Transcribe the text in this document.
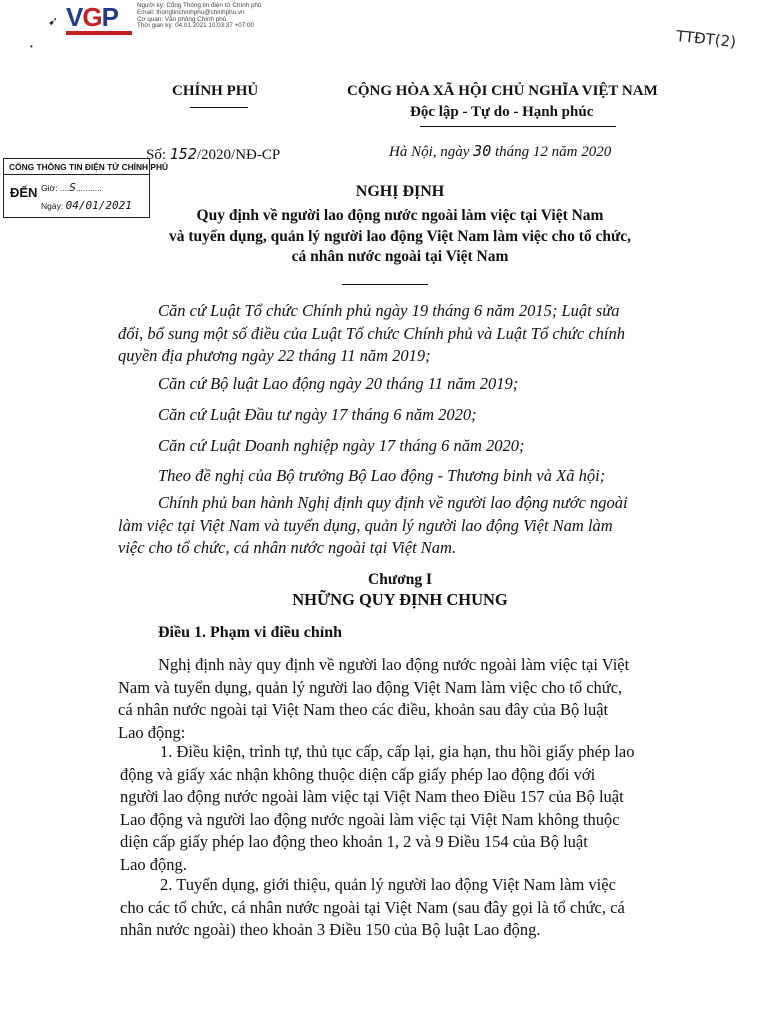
VGP	Người ký: Cổng Thông tin điện tử Chính phủ
Email: thongtinchinhphu@chinhphu.vn
Cơ quan: Văn phòng Chính phủ
Thời gian ký: 04.01.2021 10:03:37 +07:00
➹
•	TTĐT(2)
CHÍNH PHỦ	CỘNG HÒA XÃ HỘI CHỦ NGHĨA VIỆT NAM
Độc lập - Tự do - Hạnh phúc
Số: 152/2020/NĐ-CP	Hà Nội, ngày 30 tháng 12 năm 2020
CỔNG THÔNG TIN ĐIỆN TỬ CHÍNH PHỦ
ĐẾN Giờ: ....S...........
Ngày: 04/01/2021
NGHỊ ĐỊNH
Quy định về người lao động nước ngoài làm việc tại Việt Nam
và tuyển dụng, quản lý người lao động Việt Nam làm việc cho tổ chức,
cá nhân nước ngoài tại Việt Nam
Căn cứ Luật Tổ chức Chính phủ ngày 19 tháng 6 năm 2015; Luật sửa
đổi, bổ sung một số điều của Luật Tổ chức Chính phủ và Luật Tổ chức chính
quyền địa phương ngày 22 tháng 11 năm 2019;
Căn cứ Bộ luật Lao động ngày 20 tháng 11 năm 2019;
Căn cứ Luật Đầu tư ngày 17 tháng 6 năm 2020;
Căn cứ Luật Doanh nghiệp ngày 17 tháng 6 năm 2020;
Theo đề nghị của Bộ trưởng Bộ Lao động - Thương binh và Xã hội;
Chính phủ ban hành Nghị định quy định về người lao động nước ngoài
làm việc tại Việt Nam và tuyển dụng, quản lý người lao động Việt Nam làm
việc cho tổ chức, cá nhân nước ngoài tại Việt Nam.
Chương I
NHỮNG QUY ĐỊNH CHUNG
Điều 1. Phạm vi điều chỉnh
Nghị định này quy định về người lao động nước ngoài làm việc tại Việt
Nam và tuyển dụng, quản lý người lao động Việt Nam làm việc cho tổ chức,
cá nhân nước ngoài tại Việt Nam theo các điều, khoản sau đây của Bộ luật
Lao động:
1. Điều kiện, trình tự, thủ tục cấp, cấp lại, gia hạn, thu hồi giấy phép lao
động và giấy xác nhận không thuộc diện cấp giấy phép lao động đối với
người lao động nước ngoài làm việc tại Việt Nam theo Điều 157 của Bộ luật
Lao động và người lao động nước ngoài làm việc tại Việt Nam không thuộc
diện cấp giấy phép lao động theo khoản 1, 2 và 9 Điều 154 của Bộ luật
Lao động.
2. Tuyển dụng, giới thiệu, quản lý người lao động Việt Nam làm việc
cho các tổ chức, cá nhân nước ngoài tại Việt Nam (sau đây gọi là tổ chức, cá
nhân nước ngoài) theo khoản 3 Điều 150 của Bộ luật Lao động.
